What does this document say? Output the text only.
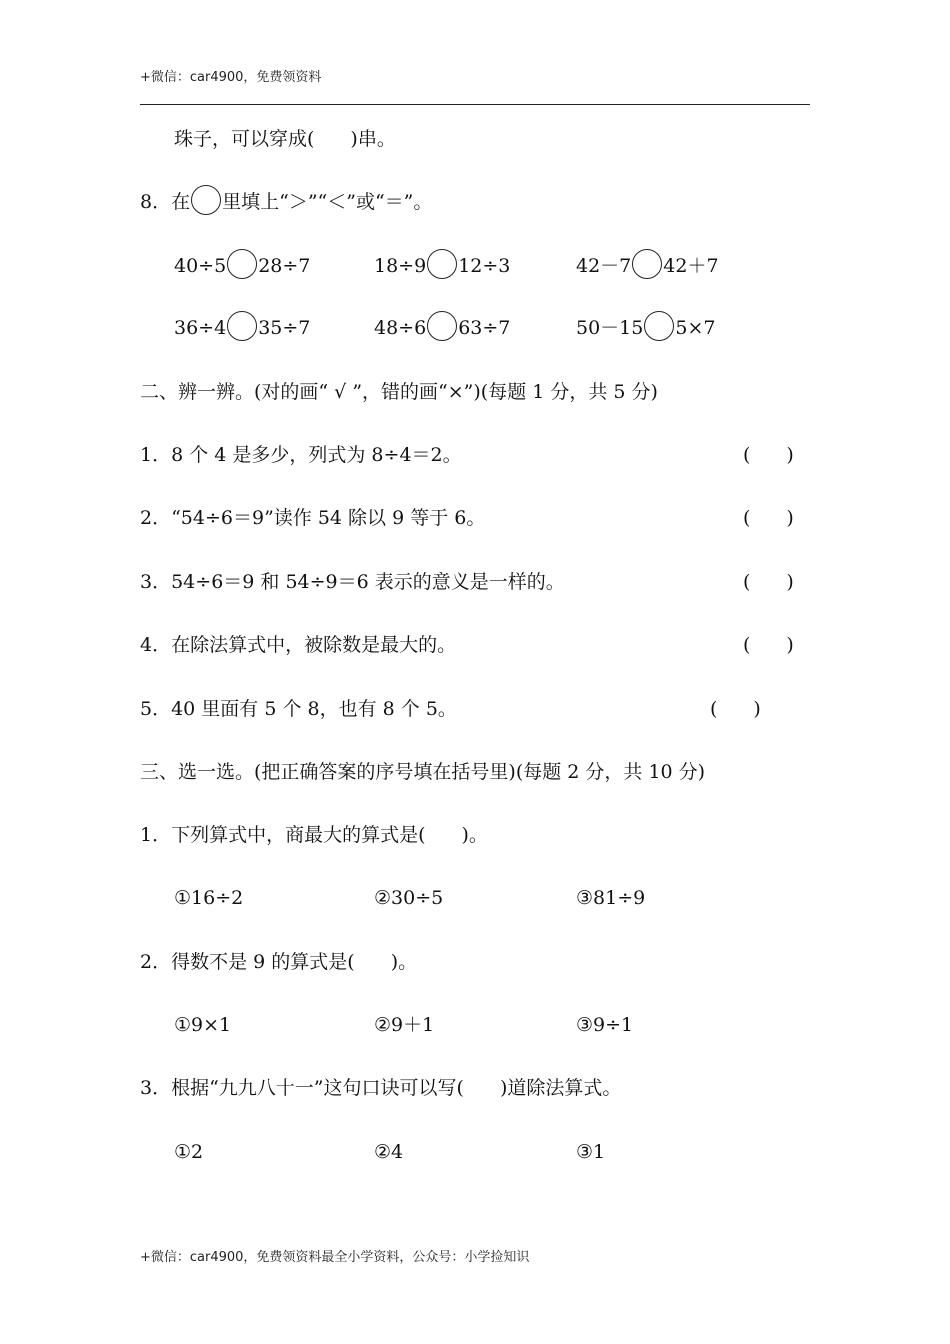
+微信：car4900，免费领资料
珠子，可以穿成( )串。
8．在 里填上“＞”“＜”或“＝”。
40÷5 28÷7	18÷9 12÷3	42－7 42＋7
36÷4 35÷7	48÷6 63÷7	50－15 5×7
二、辨一辨。(对的画“ √ ”，错的画“×”)(每题 1 分，共 5 分)
1．8 个 4 是多少，列式为 8÷4＝2。	( )
2．“54÷6＝9”读作 54 除以 9 等于 6。	( )
3．54÷6＝9 和 54÷9＝6 表示的意义是一样的。	( )
4．在除法算式中，被除数是最大的。	( )
5．40 里面有 5 个 8，也有 8 个 5。	( )
三、选一选。(把正确答案的序号填在括号里)(每题 2 分，共 10 分)
1．下列算式中，商最大的算式是( )。
①16÷2	②30÷5	③81÷9
2．得数不是 9 的算式是( )。
①9×1	②9＋1	③9÷1
3．根据“九九八十一”这句口诀可以写( )道除法算式。
①2	②4	③1
+微信：car4900，免费领资料最全小学资料，公众号：小学捡知识
